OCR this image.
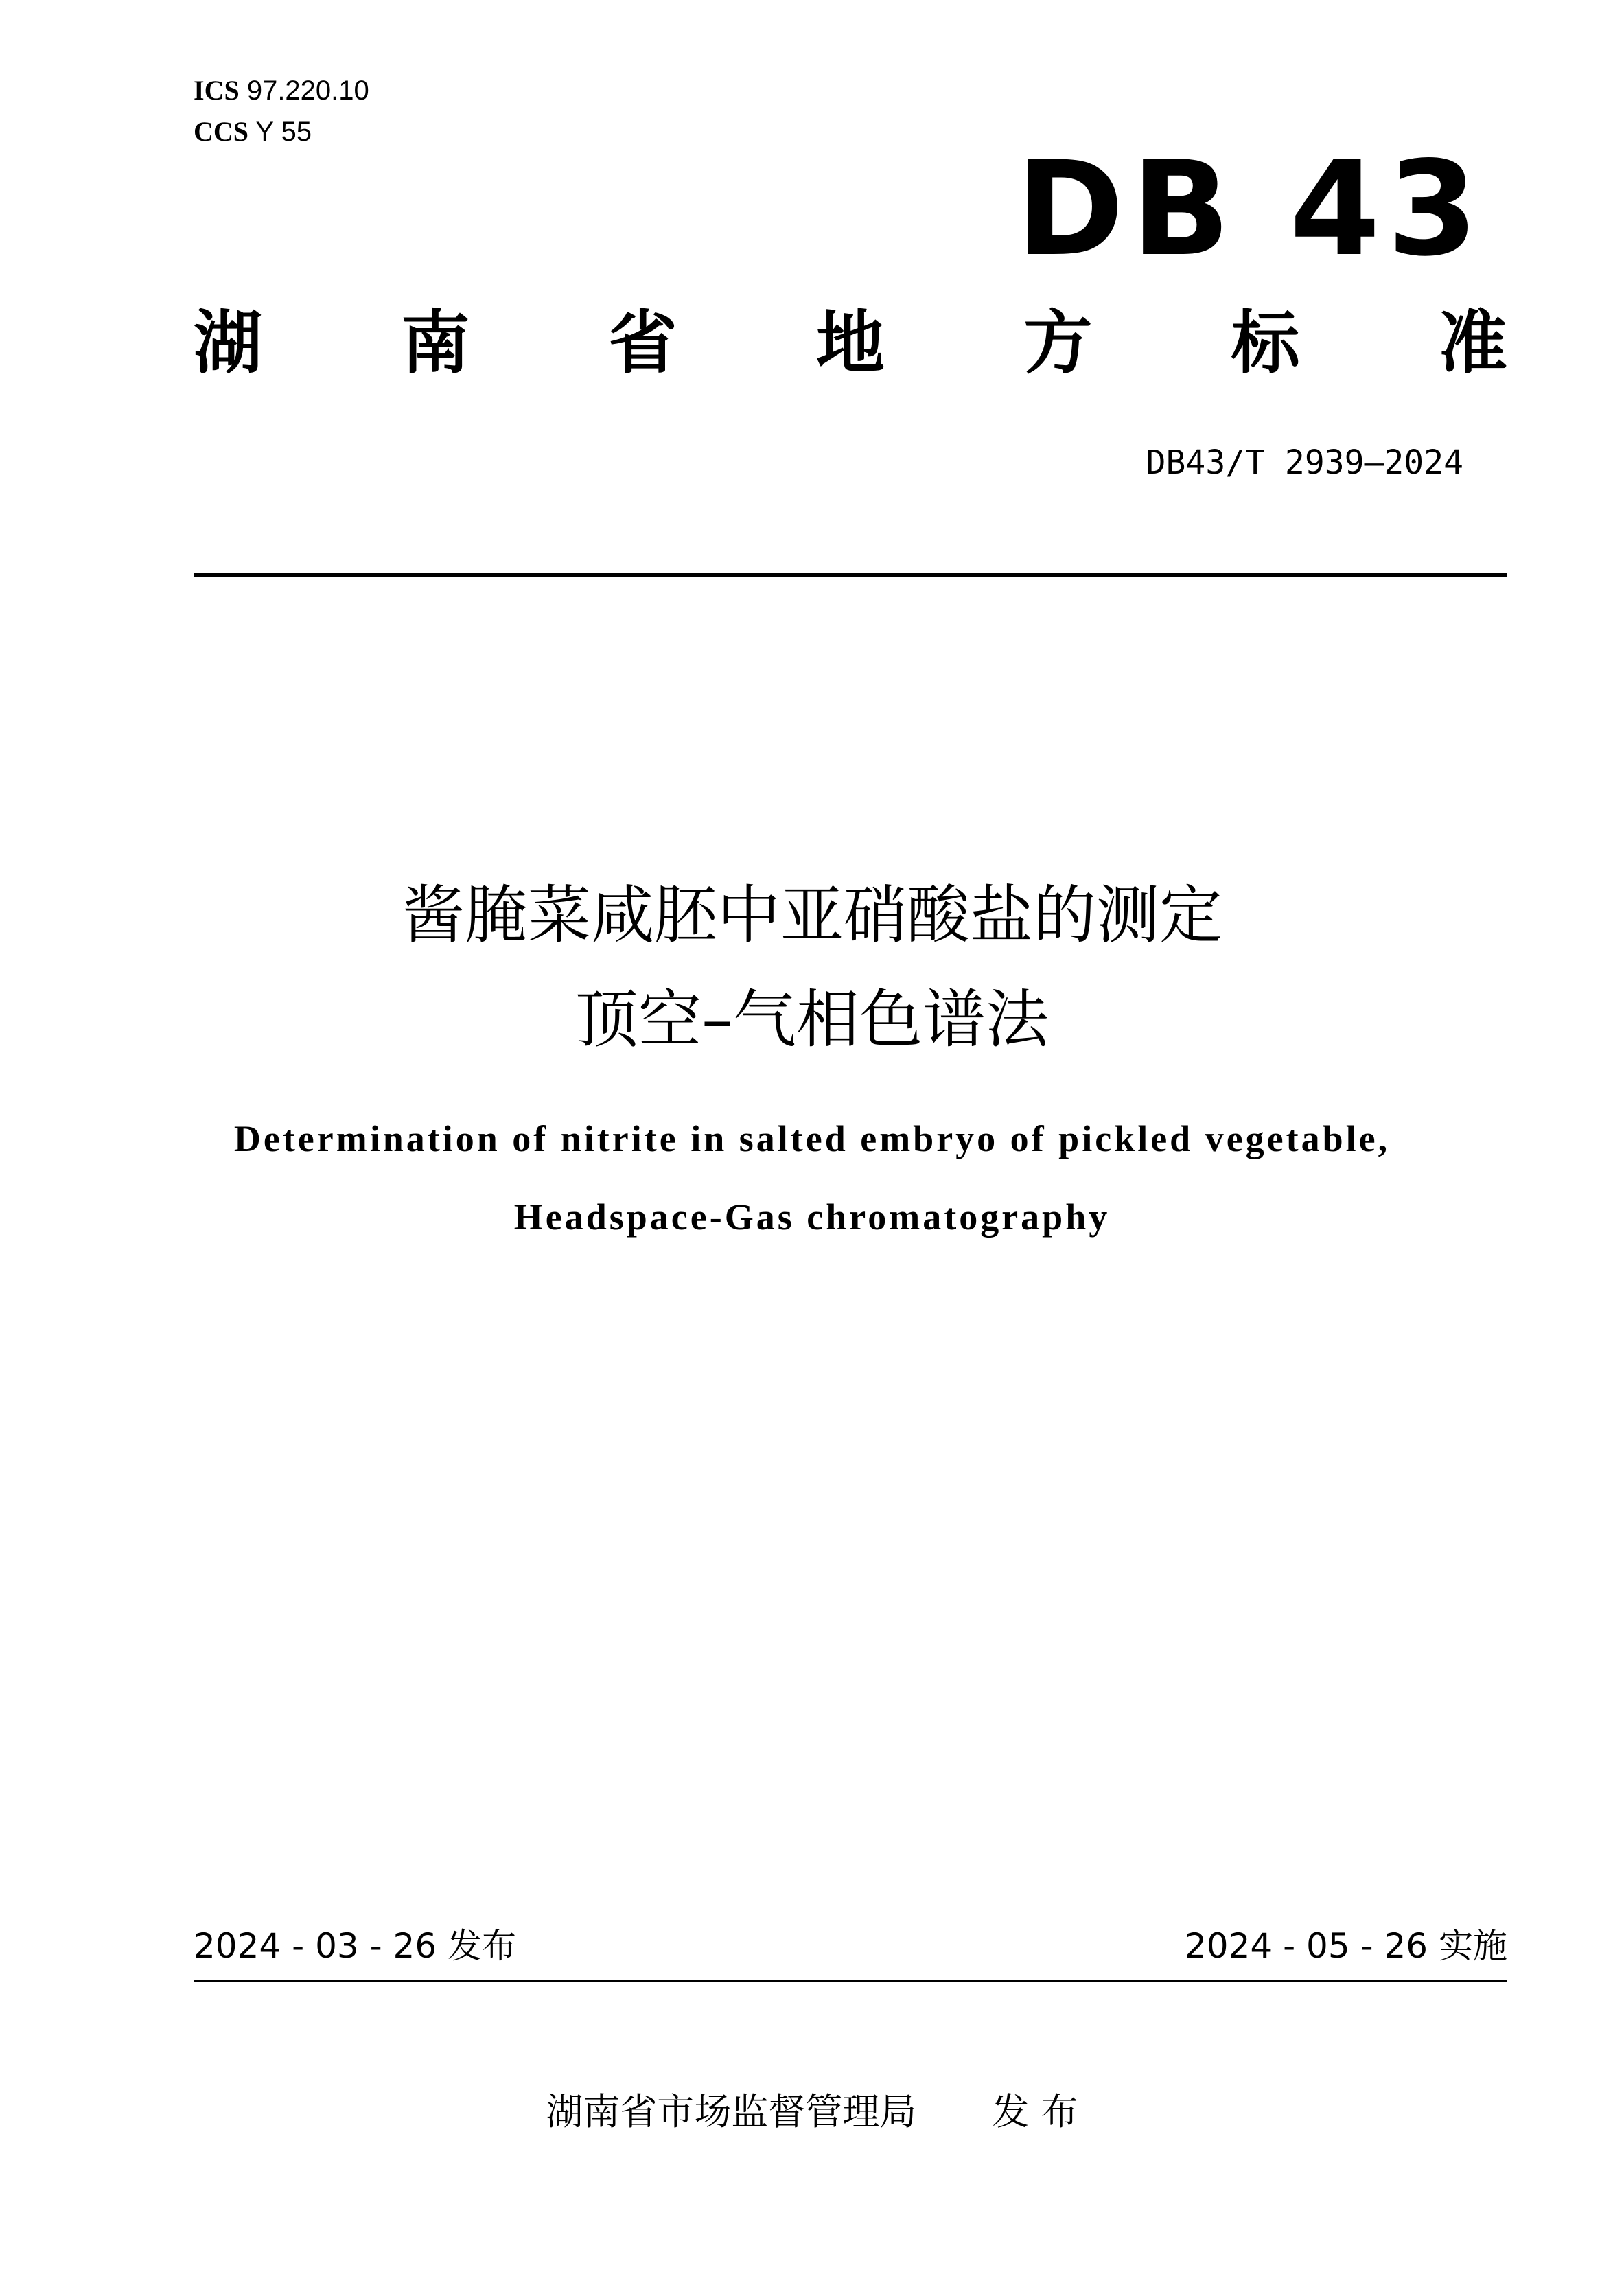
ICS 97.220.10
CCS Y 55
DB 43
湖 南 省 地 方 标 准
DB43/T 2939—2024
酱腌菜咸胚中亚硝酸盐的测定
顶空–气相色谱法
Determination of nitrite in salted embryo of pickled vegetable,
Headspace-Gas chromatography
2024 - 03 - 26 发布	2024 - 05 - 26 实施
湖南省市场监督管理局 发 布
